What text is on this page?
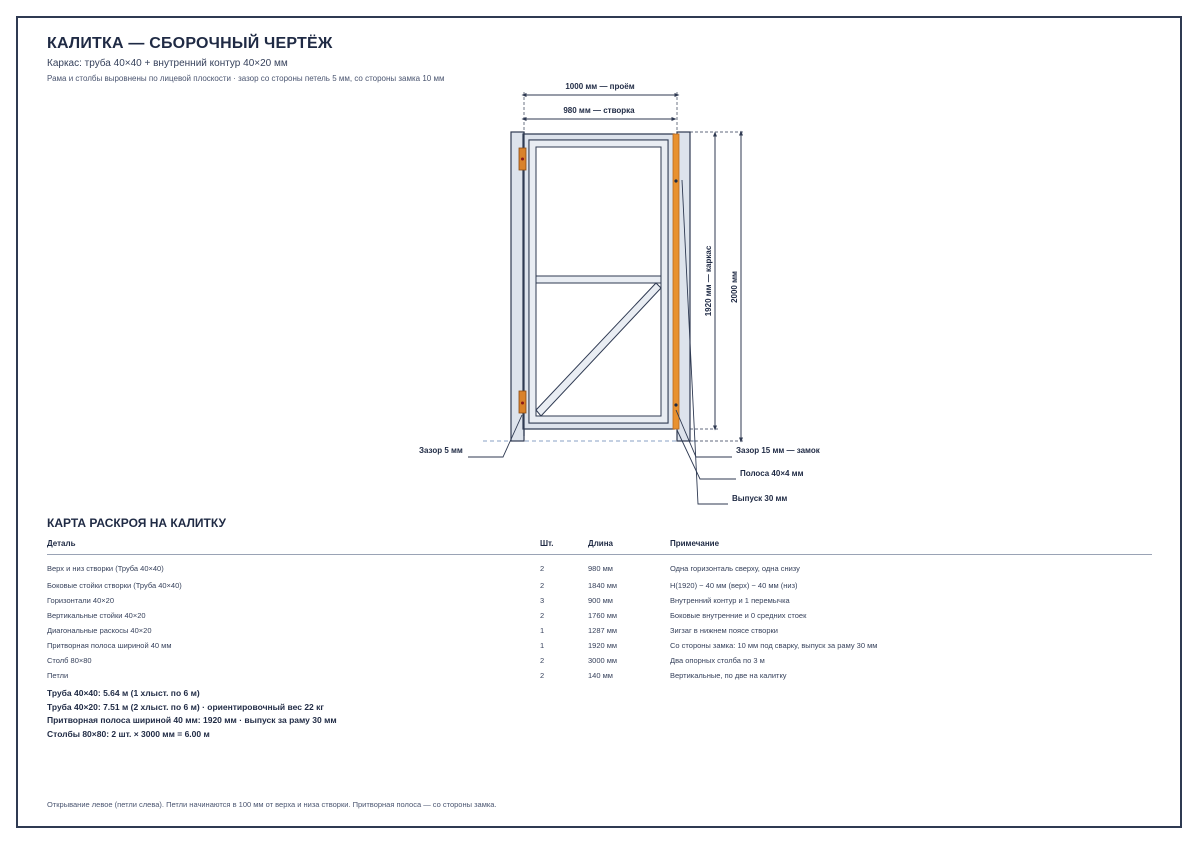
КАЛИТКА — СБОРОЧНЫЙ ЧЕРТЁЖ
Каркас: труба 40×40 + внутренний контур 40×20 мм
Рама и столбы выровнены по лицевой плоскости · зазор со стороны петель 5 мм, со стороны замка 10 мм
1000 мм — проём
980 мм — створка
1920 мм — каркас 2000 мм
Зазор 5 мм	Зазор 15 мм — замок
Полоса 40×4 мм
Выпуск 30 мм
КАРТА РАСКРОЯ НА КАЛИТКУ
Деталь	Шт.	Длина	Примечание
Верх и низ створки (Труба 40×40)	2	980 мм	Одна горизонталь сверху, одна снизу
Боковые стойки створки (Труба 40×40)	2	1840 мм	H(1920) − 40 мм (верх) − 40 мм (низ)
Горизонтали 40×20	3	900 мм	Внутренний контур и 1 перемычка
Вертикальные стойки 40×20	2	1760 мм	Боковые внутренние и 0 средних стоек
Диагональные раскосы 40×20	1	1287 мм	Зигзаг в нижнем поясе створки
Притворная полоса шириной 40 мм	1	1920 мм	Со стороны замка: 10 мм под сварку, выпуск за раму 30 мм
Столб 80×80	2	3000 мм	Два опорных столба по 3 м
Петли	2	140 мм	Вертикальные, по две на калитку
Труба 40×40: 5.64 м (1 хлыст. по 6 м)
Труба 40×20: 7.51 м (2 хлыст. по 6 м) · ориентировочный вес 22 кг
Притворная полоса шириной 40 мм: 1920 мм · выпуск за раму 30 мм
Столбы 80×80: 2 шт. × 3000 мм = 6.00 м
Открывание левое (петли слева). Петли начинаются в 100 мм от верха и низа створки. Притворная полоса — со стороны замка.
